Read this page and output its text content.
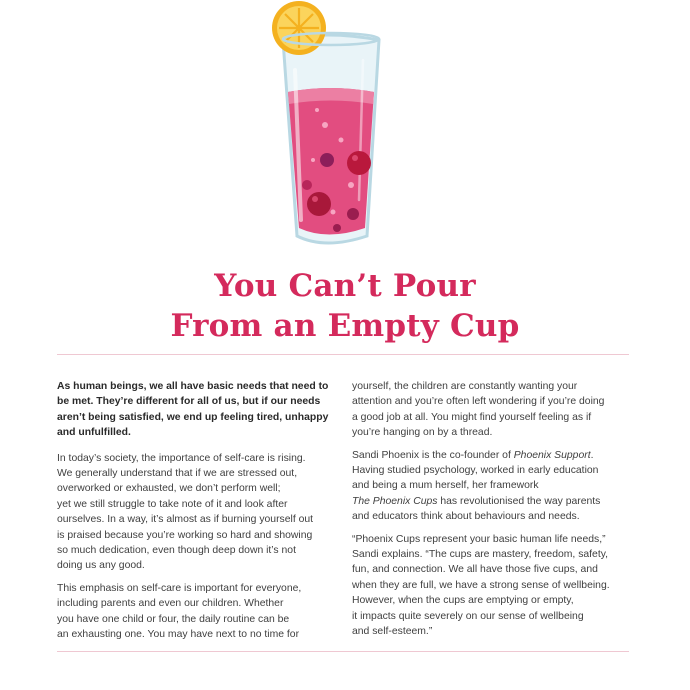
You Can’t Pour
From an Empty Cup

As human beings, we all have basic needs that need to
be met. They’re different for all of us, but if our needs
aren’t being satisfied, we end up feeling tired, unhappy
and unfulfilled.

In today’s society, the importance of self-care is rising.
We generally understand that if we are stressed out,
overworked or exhausted, we don’t perform well;
yet we still struggle to take note of it and look after
ourselves. In a way, it’s almost as if burning yourself out
is praised because you’re working so hard and showing
so much dedication, even though deep down it’s not
doing us any good.

This emphasis on self-care is important for everyone,
including parents and even our children. Whether
you have one child or four, the daily routine can be
an exhausting one. You may have next to no time for

yourself, the children are constantly wanting your
attention and you’re often left wondering if you’re doing
a good job at all. You might find yourself feeling as if
you’re hanging on by a thread.

Sandi Phoenix is the co-founder of Phoenix Support.
Having studied psychology, worked in early education
and being a mum herself, her framework
The Phoenix Cups has revolutionised the way parents
and educators think about behaviours and needs.

“Phoenix Cups represent your basic human life needs,”
Sandi explains. “The cups are mastery, freedom, safety,
fun, and connection. We all have those five cups, and
when they are full, we have a strong sense of wellbeing.
However, when the cups are emptying or empty,
it impacts quite severely on our sense of wellbeing
and self-esteem.”
